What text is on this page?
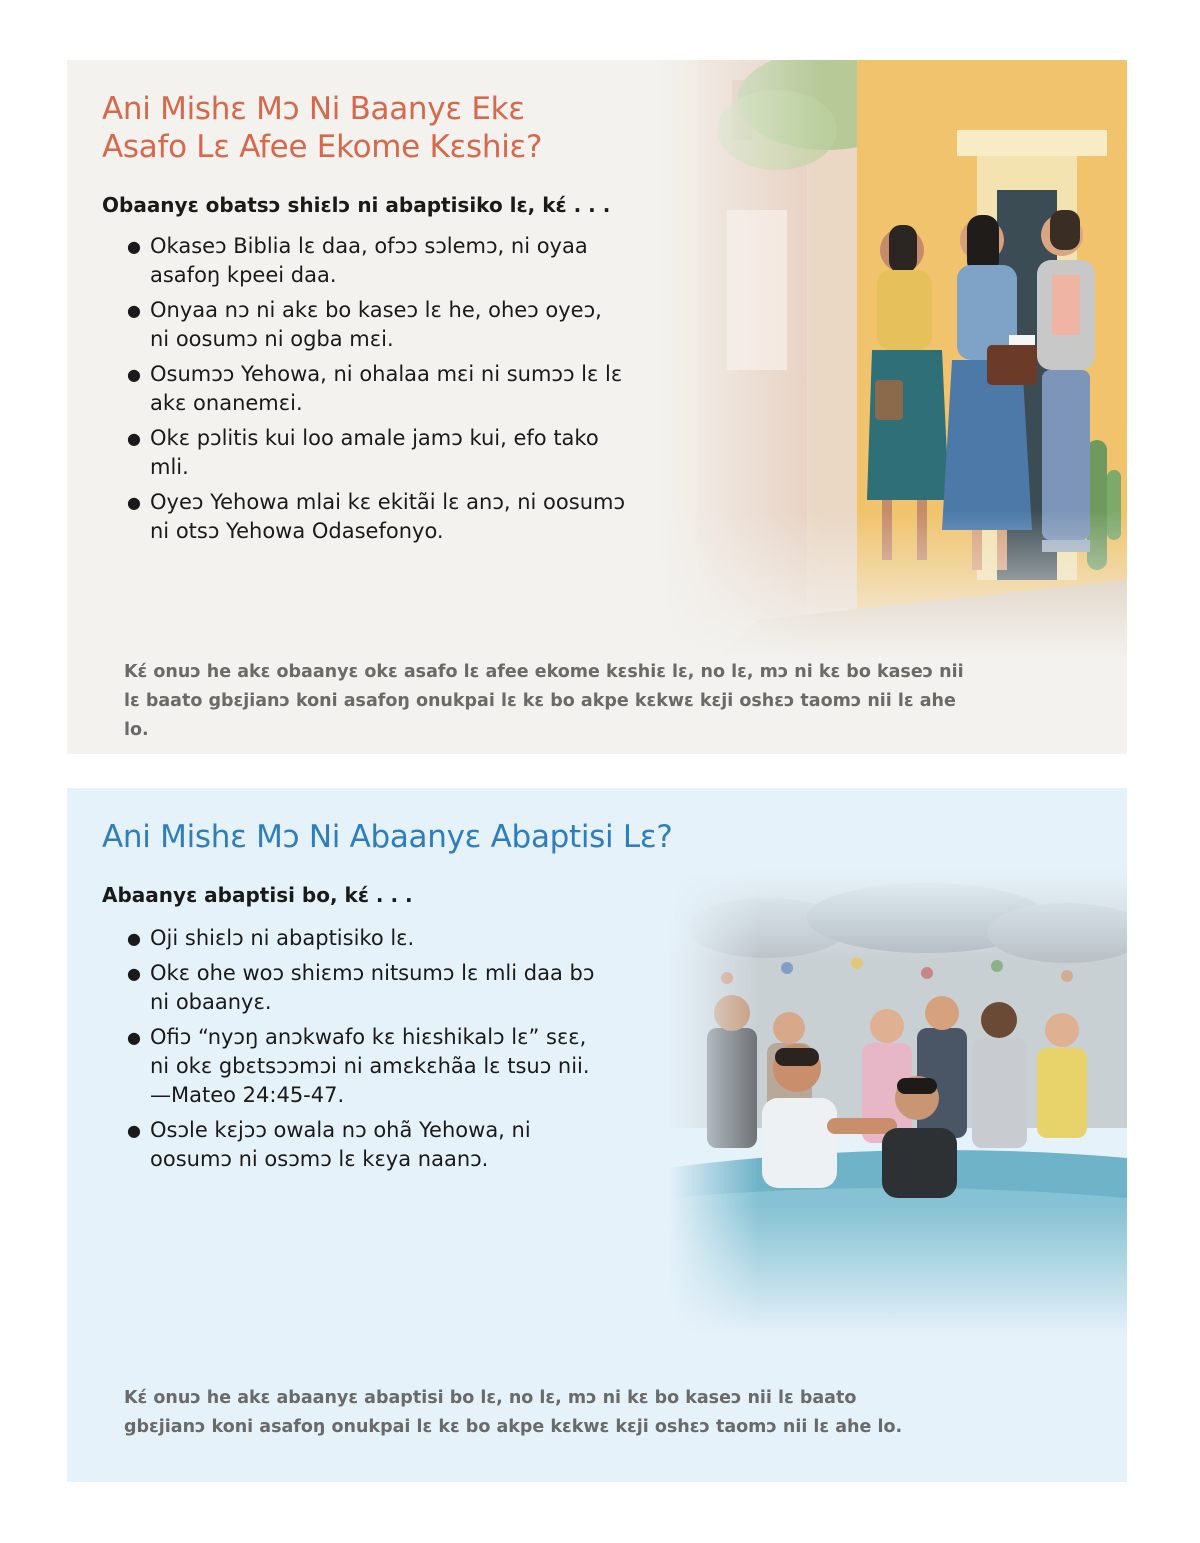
Ani Mishɛ Mɔ Ni Baanyɛ Ekɛ
Asafo Lɛ Afee Ekome Kɛshiɛ?

Obaanyɛ obatsɔ shiɛlɔ ni abaptisiko lɛ, kɛ́ . . .

● Okaseɔ Biblia lɛ daa, ofɔɔ sɔlemɔ, ni oyaa asafoŋ kpeei daa.
● Onyaa nɔ ni akɛ bo kaseɔ lɛ he, oheɔ oyeɔ, ni oosumɔ ni ogba mɛi.
● Osumɔɔ Yehowa, ni ohalaa mɛi ni sumɔɔ lɛ lɛ akɛ onanemɛi.
● Okɛ pɔlitis kui loo amale jamɔ kui, efo tako mli.
● Oyeɔ Yehowa mlai kɛ ekitãi lɛ anɔ, ni oosumɔ ni otsɔ Yehowa Odasefonyo.

Kɛ́ onuɔ he akɛ obaanyɛ okɛ asafo lɛ afee ekome kɛshiɛ lɛ, no lɛ, mɔ ni kɛ bo kaseɔ nii lɛ baato gbɛjianɔ koni asafoŋ onukpai lɛ kɛ bo akpe kɛkwɛ kɛji oshɛɔ taomɔ nii lɛ ahe lo.

Ani Mishɛ Mɔ Ni Abaanyɛ Abaptisi Lɛ?

Abaanyɛ abaptisi bo, kɛ́ . . .

● Oji shiɛlɔ ni abaptisiko lɛ.
● Okɛ ohe woɔ shiɛmɔ nitsumɔ lɛ mli daa bɔ ni obaanyɛ.
● Ofiɔ “nyɔŋ anɔkwafo kɛ hiɛshikalɔ lɛ” sɛɛ, ni okɛ gbɛtsɔɔmɔi ni amɛkɛhãa lɛ tsuɔ nii. —Mateo 24:45-47.
● Osɔle kɛjɔɔ owala nɔ ohã Yehowa, ni oosumɔ ni osɔmɔ lɛ kɛya naanɔ.

Kɛ́ onuɔ he akɛ abaanyɛ abaptisi bo lɛ, no lɛ, mɔ ni kɛ bo kaseɔ nii lɛ baato gbɛjianɔ koni asafoŋ onukpai lɛ kɛ bo akpe kɛkwɛ kɛji oshɛɔ taomɔ nii lɛ ahe lo.
